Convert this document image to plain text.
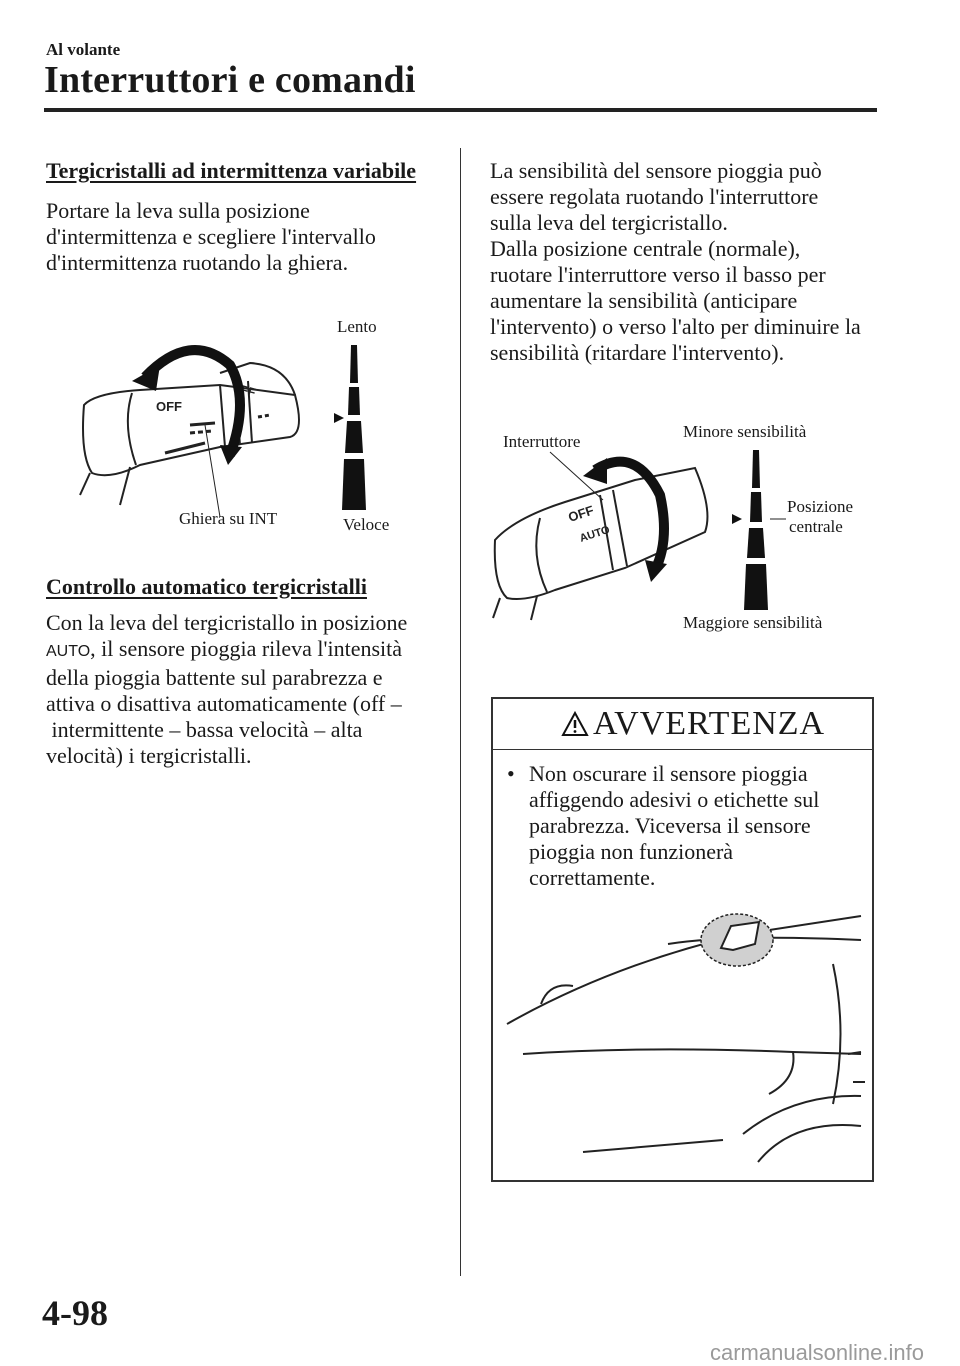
Al volante
Interruttori e comandi
Tergicristalli ad intermittenza variabile
Portare la leva sulla posizione
d'intermittenza e scegliere l'intervallo
d'intermittenza ruotando la ghiera.
OFF
FF
Lento
Ghiera su INT	Veloce
Controllo automatico tergicristalli
Con la leva del tergicristallo in posizione
AUTO, il sensore pioggia rileva l'intensità
della pioggia battente sul parabrezza e
attiva o disattiva automaticamente (off –
intermittente – bassa velocità – alta
velocità) i tergicristalli.
La sensibilità del sensore pioggia può
essere regolata ruotando l'interruttore
sulla leva del tergicristallo.
Dalla posizione centrale (normale),
ruotare l'interruttore verso il basso per
aumentare la sensibilità (anticipare
l'intervento) o verso l'alto per diminuire la
sensibilità (ritardare l'intervento).
OFF
AUTO
Interruttore
Minore sensibilità
Posizione
centrale
Maggiore sensibilità
AVVERTENZA
• Non oscurare il sensore pioggia
affiggendo adesivi o etichette sul
parabrezza. Viceversa il sensore
pioggia non funzionerà
correttamente.
4-98
carmanualsonline.info
